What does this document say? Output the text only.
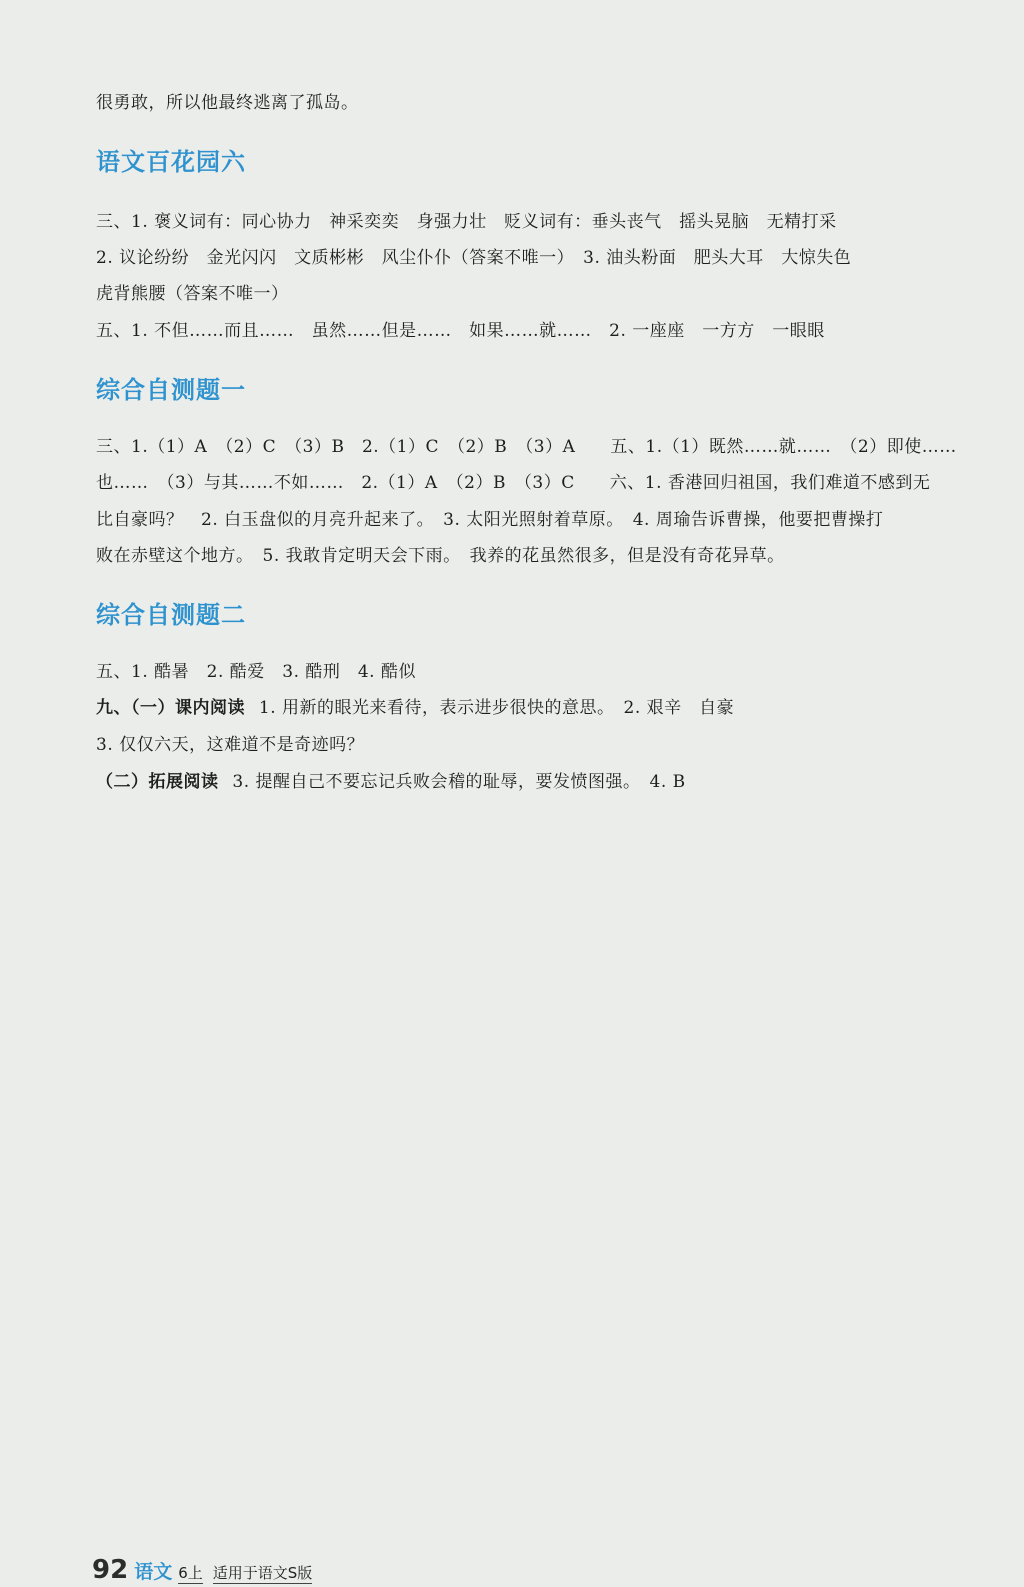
很勇敢，所以他最终逃离了孤岛。
语文百花园六
三、1. 褒义词有：同心协力　神采奕奕　身强力壮　贬义词有：垂头丧气　摇头晃脑　无精打采
2. 议论纷纷　金光闪闪　文质彬彬　风尘仆仆（答案不唯一）　3. 油头粉面　肥头大耳　大惊失色
虎背熊腰（答案不唯一）
五、1. 不但……而且……　虽然……但是……　如果……就……　2. 一座座　一方方　一眼眼
综合自测题一
三、1.（1）A　（2）C　（3）B　2.（1）C　（2）B　（3）A　　五、1.（1）既然……就……　（2）即使……
也……　（3）与其……不如……　2.（1）A　（2）B　（3）C　　六、1. 香港回归祖国，我们难道不感到无
比自豪吗？　2. 白玉盘似的月亮升起来了。　3. 太阳光照射着草原。　4. 周瑜告诉曹操，他要把曹操打
败在赤壁这个地方。　5. 我敢肯定明天会下雨。　我养的花虽然很多，但是没有奇花异草。
综合自测题二
五、1. 酷暑　2. 酷爱　3. 酷刑　4. 酷似
九、（一）课内阅读 1. 用新的眼光来看待，表示进步很快的意思。　2. 艰辛　自豪
3. 仅仅六天，这难道不是奇迹吗？
（二）拓展阅读 3. 提醒自己不要忘记兵败会稽的耻辱，要发愤图强。　4. B
92 语文 6上 适用于语文S版
